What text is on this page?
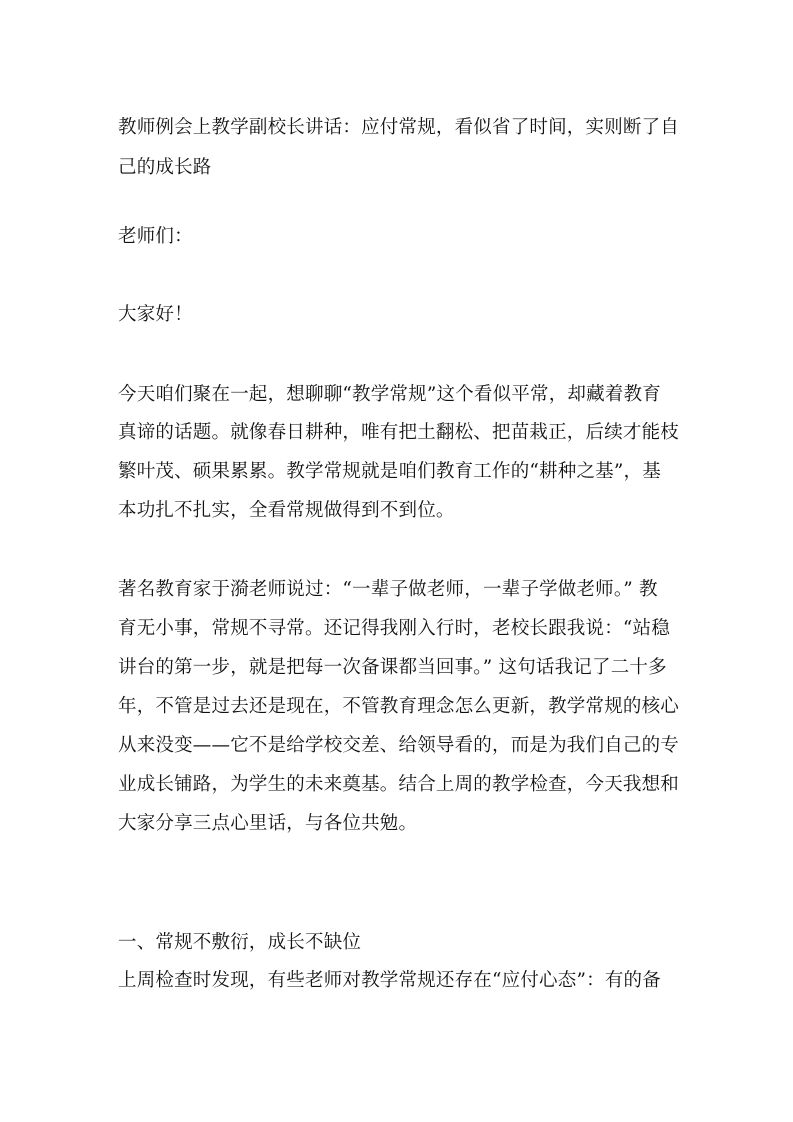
教师例会上教学副校长讲话：应付常规，看似省了时间，实则断了自
己的成长路
老师们：
大家好！
今天咱们聚在一起，想聊聊“教学常规”这个看似平常，却藏着教育
真谛的话题。就像春日耕种，唯有把土翻松、把苗栽正，后续才能枝
繁叶茂、硕果累累。教学常规就是咱们教育工作的“耕种之基”，基
本功扎不扎实，全看常规做得到不到位。
著名教育家于漪老师说过：“一辈子做老师，一辈子学做老师。” 教
育无小事，常规不寻常。还记得我刚入行时，老校长跟我说：“站稳
讲台的第一步，就是把每一次备课都当回事。” 这句话我记了二十多
年，不管是过去还是现在，不管教育理念怎么更新，教学常规的核心
从来没变——它不是给学校交差、给领导看的，而是为我们自己的专
业成长铺路，为学生的未来奠基。结合上周的教学检查，今天我想和
大家分享三点心里话，与各位共勉。
一、常规不敷衍，成长不缺位
上周检查时发现，有些老师对教学常规还存在“应付心态”：有的备
